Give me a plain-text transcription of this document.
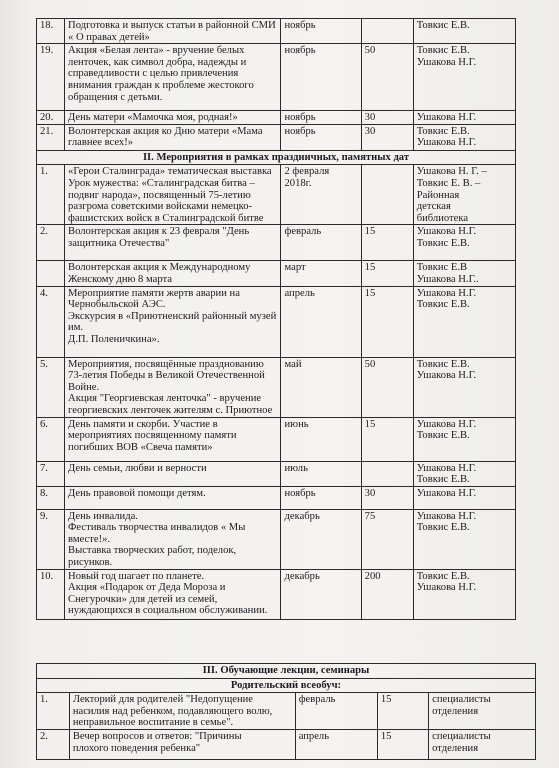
18.	Подготовка и выпуск статьи в районной СМИ
« О правах детей»	ноябрь		Товкис Е.В.
19.	Акция «Белая лента» - вручение белых
ленточек, как символ добра, надежды и
справедливости с целью привлечения
внимания граждан к проблеме жестокого
обращения с детьми.	ноябрь	50	Товкис Е.В.
Ушакова Н.Г.
20.	День матери «Мамочка моя, родная!»	ноябрь	30	Ушакова Н.Г.
21.	Волонтерская акция ко Дню матери «Мама
главнее всех!»	ноябрь	30	Товкис Е.В.
Ушакова Н.Г.
II. Мероприятия в рамках праздничных, памятных дат				
1.	«Герои Сталинграда» тематическая выставка
Урок мужества: «Сталинградская битва –
подвиг народа», посвященный 75-летию
разгрома советскими войсками немецко-
фашистских войск в Сталинградской битве	2 февраля
2018г.		Ушакова Н. Г. –
Товкис Е. В. –
Районная
детская
библиотека
2.	Волонтерская акция к 23 февраля "День
защитника Отечества"	февраль	15	Ушакова Н.Г.
Товкис Е.В.
	Волонтерская акция к Международному
Женскому дню 8 марта	март	15	Товкис Е.В
Ушакова Н.Г..
4.	Мероприятие памяти жертв аварии на
Чернобыльской АЭС.
Экскурсия в «Приютненский районный музей
им.
Д.П. Поленичкина».	апрель	15	Ушакова Н.Г.
Товкис Е.В.
5.	Мероприятия, посвящённые празднованию
73-летия Победы в Великой Отечественной
Войне.
Акция "Георгиевская ленточка" - вручение
георгиевских ленточек жителям с. Приютное	май	50	Товкис Е.В.
Ушакова Н.Г.
6.	День памяти и скорби. Участие в
мероприятиях посвященному памяти
погибших ВОВ «Свеча памяти»	июнь	15	Ушакова Н.Г.
Товкис Е.В.
7.	День семьи, любви и верности	июль		Ушакова Н.Г.
Товкис Е.В.
8.	День правовой помощи детям.	ноябрь	30	Ушакова Н.Г.
9.	День инвалида.
Фестиваль творчества инвалидов « Мы
вместе!».
Выставка творческих работ, поделок,
рисунков.	декабрь	75	Ушакова Н.Г.
Товкис Е.В.
10.	Новый год шагает по планете.
Акция «Подарок от Деда Мороза и
Снегурочки» для детей из семей,
нуждающихся в социальном обслуживании.	декабрь	200	Товкис Е.В.
Ушакова Н.Г.
III. Обучающие лекции, семинары				
Родительский всеобуч:				
1.	Лекторий для родителей "Недопущение
насилия над ребенком, подавляющего волю,
неправильное воспитание в семье".	февраль	15	специалисты отделения
2.	Вечер вопросов и ответов: "Причины
плохого поведения ребенка"	апрель	15	специалисты отделения
